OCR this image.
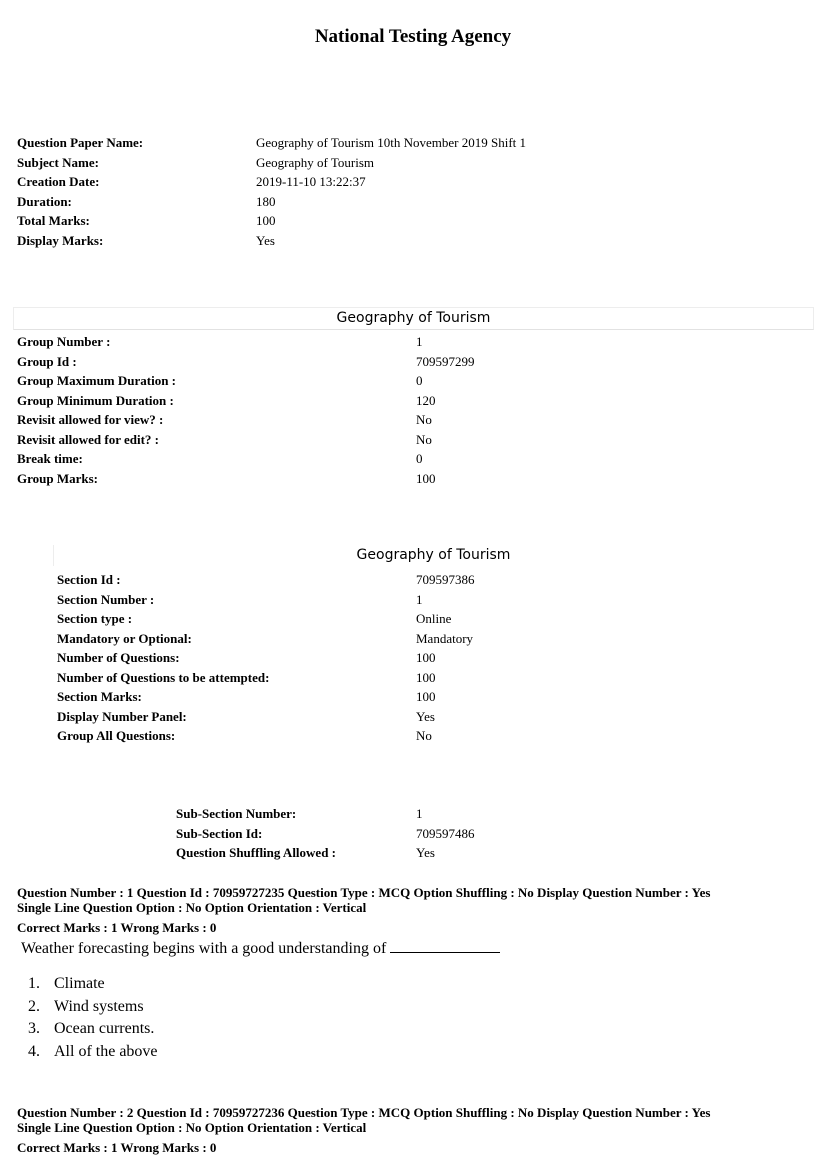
National Testing Agency
Question Paper Name:	Geography of Tourism 10th November 2019 Shift 1
Subject Name:	Geography of Tourism
Creation Date:	2019-11-10 13:22:37
Duration:	180
Total Marks:	100
Display Marks:	Yes
Geography of Tourism
Group Number :	1
Group Id :	709597299
Group Maximum Duration :	0
Group Minimum Duration :	120
Revisit allowed for view? :	No
Revisit allowed for edit? :	No
Break time:	0
Group Marks:	100
Geography of Tourism
Section Id :	709597386
Section Number :	1
Section type :	Online
Mandatory or Optional:	Mandatory
Number of Questions:	100
Number of Questions to be attempted:	100
Section Marks:	100
Display Number Panel:	Yes
Group All Questions:	No
Sub-Section Number:	1
Sub-Section Id:	709597486
Question Shuffling Allowed :	Yes
Question Number : 1 Question Id : 70959727235 Question Type : MCQ Option Shuffling : No Display Question Number : Yes
Single Line Question Option : No Option Orientation : Vertical
Correct Marks : 1 Wrong Marks : 0
Weather forecasting begins with a good understanding of
1. Climate
2. Wind systems
3. Ocean currents.
4. All of the above
Question Number : 2 Question Id : 70959727236 Question Type : MCQ Option Shuffling : No Display Question Number : Yes
Single Line Question Option : No Option Orientation : Vertical
Correct Marks : 1 Wrong Marks : 0
